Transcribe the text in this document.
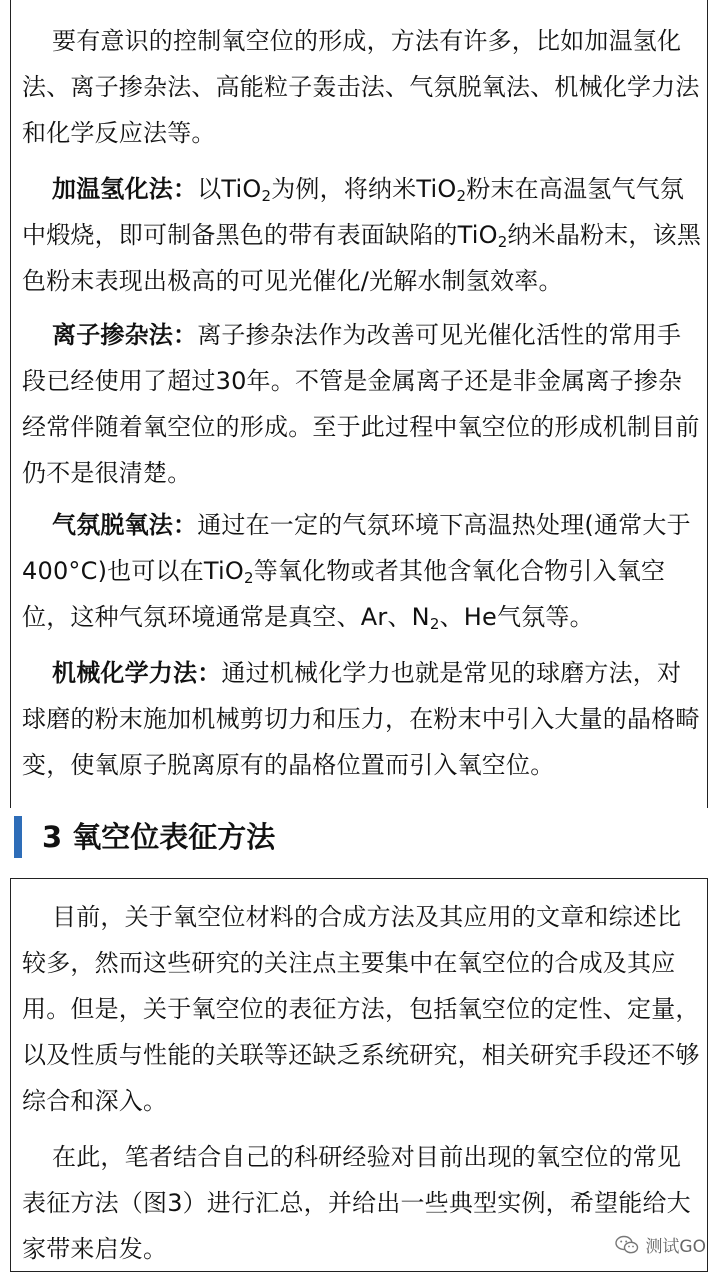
要有意识的控制氧空位的形成，方法有许多，比如加温氢化法、离子掺杂法、高能粒子轰击法、气氛脱氧法、机械化学力法和化学反应法等。

加温氢化法：以TiO$_2$为例，将纳米TiO$_2$粉末在高温氢气气氛中煅烧，即可制备黑色的带有表面缺陷的TiO$_2$纳米晶粉末，该黑色粉末表现出极高的可见光催化/光解水制氢效率。

离子掺杂法：离子掺杂法作为改善可见光催化活性的常用手段已经使用了超过30年。不管是金属离子还是非金属离子掺杂经常伴随着氧空位的形成。至于此过程中氧空位的形成机制目前仍不是很清楚。

气氛脱氧法：通过在一定的气氛环境下高温热处理(通常大于400°C)也可以在TiO$_2$等氧化物或者其他含氧化合物引入氧空位，这种气氛环境通常是真空、Ar、$N_2$、He气氛等。

机械化学力法：通过机械化学力也就是常见的球磨方法，对球磨的粉末施加机械剪切力和压力，在粉末中引入大量的晶格畸变，使氧原子脱离原有的晶格位置而引入氧空位。

3 氧空位表征方法

目前，关于氧空位材料的合成方法及其应用的文章和综述比较多，然而这些研究的关注点主要集中在氧空位的合成及其应用。但是，关于氧空位的表征方法，包括氧空位的定性、定量，以及性质与性能的关联等还缺乏系统研究，相关研究手段还不够综合和深入。

在此，笔者结合自己的科研经验对目前出现的氧空位的常见表征方法（图3）进行汇总，并给出一些典型实例，希望能给大家带来启发。	测试GO
